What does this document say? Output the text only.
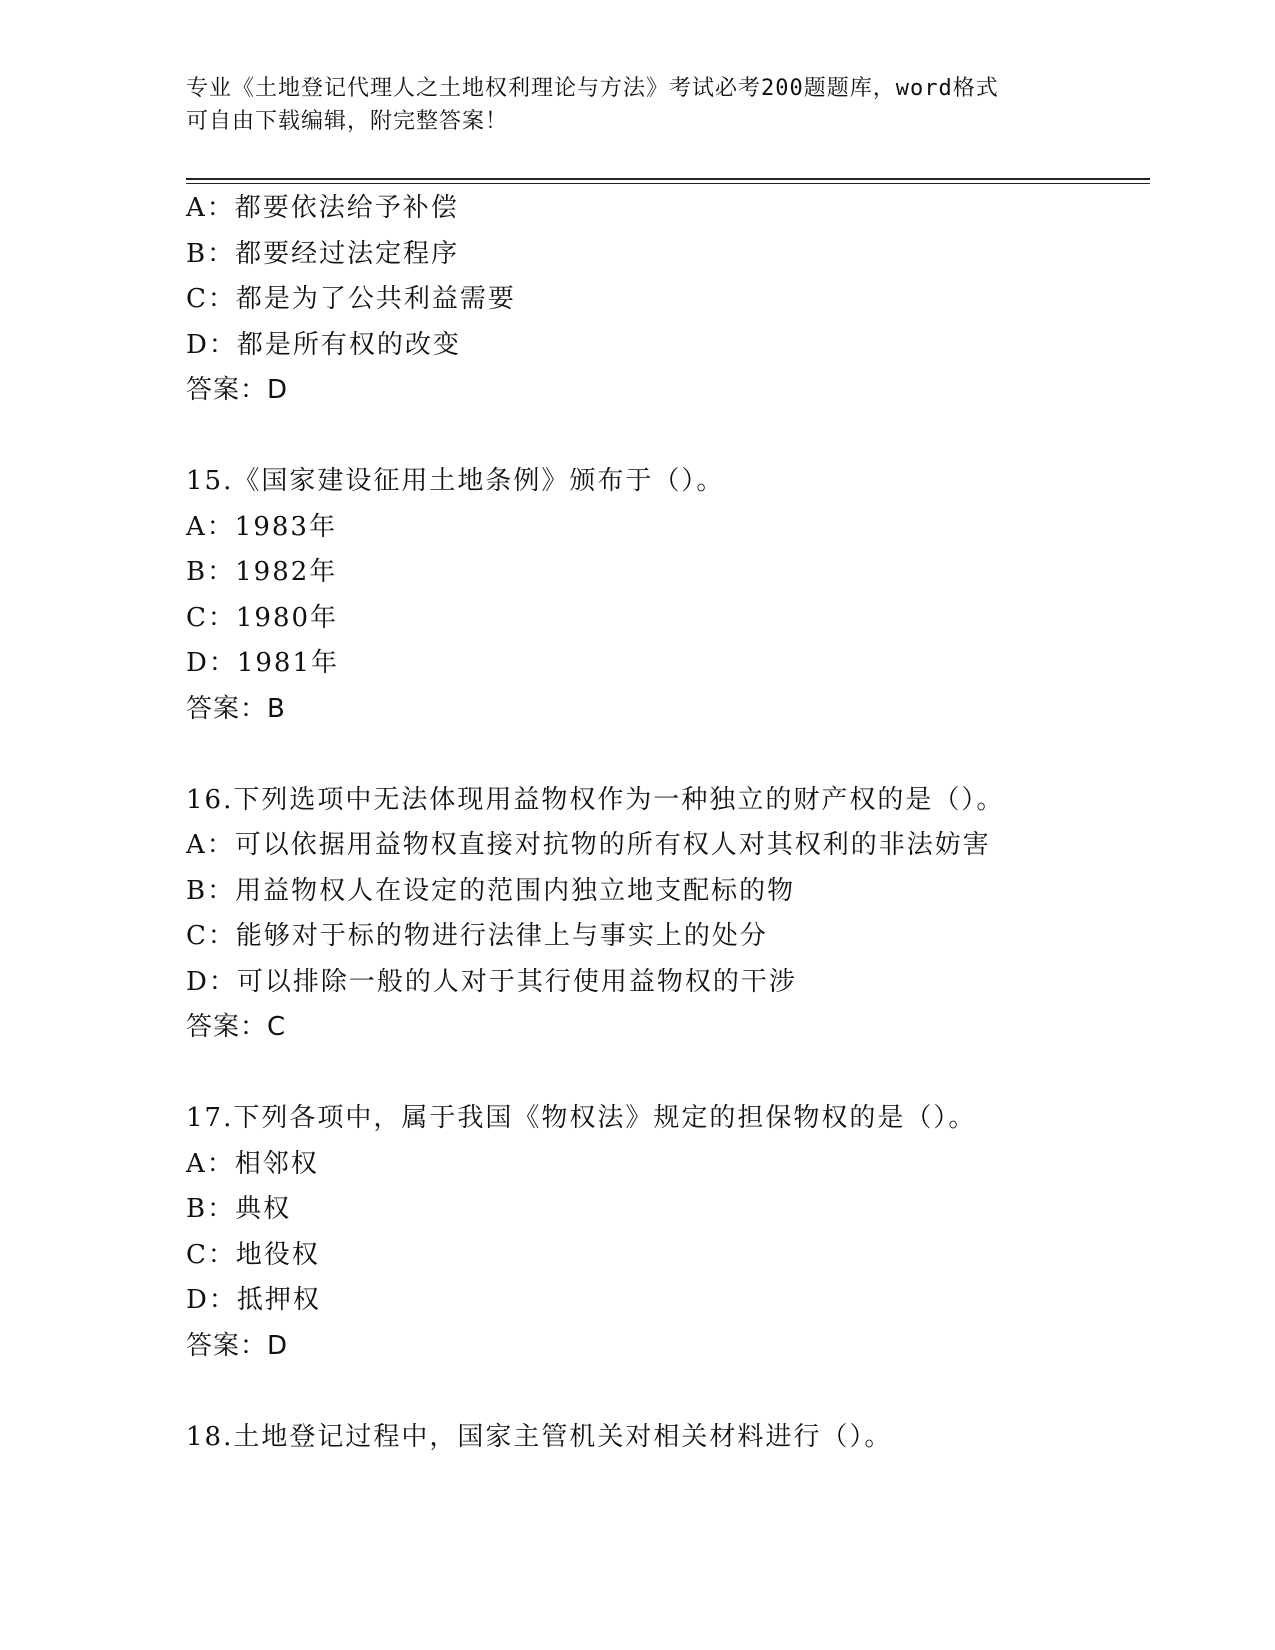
专业《土地登记代理人之土地权利理论与方法》考试必考200题题库，word格式
可自由下载编辑，附完整答案！
A：都要依法给予补偿
B：都要经过法定程序
C：都是为了公共利益需要
D：都是所有权的改变
答案：D
15.《国家建设征用土地条例》颁布于（）。
A：1983年
B：1982年
C：1980年
D：1981年
答案：B
16.下列选项中无法体现用益物权作为一种独立的财产权的是（）。
A：可以依据用益物权直接对抗物的所有权人对其权利的非法妨害
B：用益物权人在设定的范围内独立地支配标的物
C：能够对于标的物进行法律上与事实上的处分
D：可以排除一般的人对于其行使用益物权的干涉
答案：C
17.下列各项中，属于我国《物权法》规定的担保物权的是（）。
A：相邻权
B：典权
C：地役权
D：抵押权
答案：D
18.土地登记过程中，国家主管机关对相关材料进行（）。
